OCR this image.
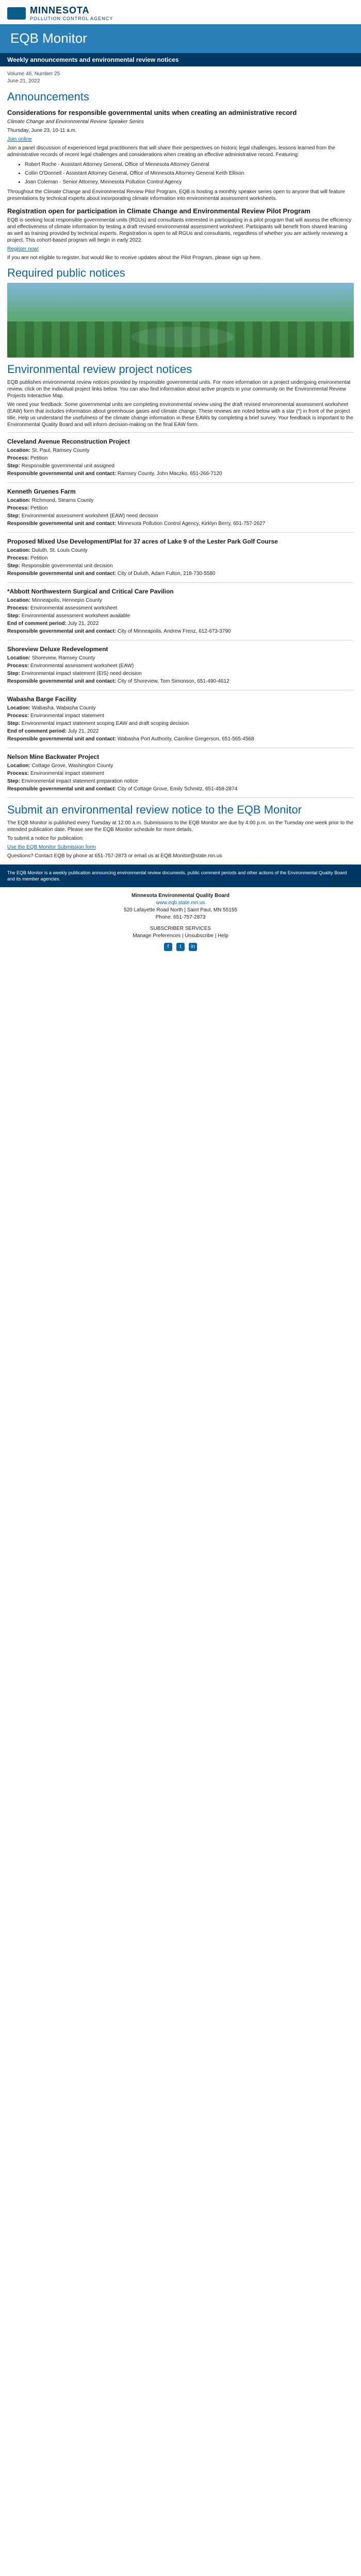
MINNESOTA
POLLUTION CONTROL AGENCY
EQB Monitor
Weekly announcements and environmental review notices
Volume 46, Number 25
June 21, 2022
Announcements
Considerations for responsible governmental units when creating an administrative record

Climate Change and Environmental Review Speaker Series

Thursday, June 23, 10-11 a.m.

Join online

Join a panel discussion of experienced legal practitioners that will share their perspectives on historic legal challenges, lessons learned from the administrative records of recent legal challenges and considerations when creating an effective administrative record. Featuring:

• Robert Roche - Assistant Attorney General, Office of Minnesota Attorney General
• Collin O'Donnell - Assistant Attorney General, Office of Minnesota Attorney General Keith Ellison
• Joan Coleman - Senior Attorney, Minnesota Pollution Control Agency

Throughout the Climate Change and Environmental Review Pilot Program, EQB is hosting a monthly speaker series open to anyone that will feature presentations by technical experts about incorporating climate information into environmental assessment worksheets.

Registration open for participation in Climate Change and Environmental Review Pilot Program

EQB is seeking local responsible governmental units (RGUs) and consultants interested in participating in a pilot program that will assess the efficiency and effectiveness of climate information by testing a draft revised environmental assessment worksheet. Participants will benefit from shared learning as well as training provided by technical experts. Registration is open to all RGUs and consultants, regardless of whether you are actively reviewing a project. This cohort-based program will begin in early 2022.

Register now!

If you are not eligible to register, but would like to receive updates about the Pilot Program, please sign up here.

Required public notices
Environmental review project notices

EQB publishes environmental review notices provided by responsible governmental units. For more information on a project undergoing environmental review, click on the individual project links below. You can also find information about active projects in your community on the Environmental Review Projects Interactive Map.

We need your feedback: Some governmental units are completing environmental review using the draft revised environmental assessment worksheet (EAW) form that includes information about greenhouse gases and climate change. These reviews are noted below with a star (*) in front of the project title. Help us understand the usefulness of the climate change information in these EAWs by completing a brief survey. Your feedback is important to the Environmental Quality Board and will inform decision-making on the final EAW form.

Cleveland Avenue Reconstruction Project

Location: St. Paul, Ramsey County

Process: Petition

Step: Responsible governmental unit assigned

Responsible governmental unit and contact: Ramsey County, John Maczko, 651-266-7120

Kenneth Gruenes Farm

Location: Richmond, Stearns County

Process: Petition

Step: Environmental assessment worksheet (EAW) need decision

Responsible governmental unit and contact: Minnesota Pollution Control Agency, Kirklyn Berry, 651-757-2627

Proposed Mixed Use Development/Plat for 37 acres of Lake 9 of the Lester Park Golf Course

Location: Duluth, St. Louis County

Process: Petition

Step: Responsible governmental unit decision

Responsible governmental unit and contact: City of Duluth, Adam Fulton, 218-730-5580

*Abbott Northwestern Surgical and Critical Care Pavilion

Location: Minneapolis, Hennepin County

Process: Environmental assessment worksheet

Step: Environmental assessment worksheet available

End of comment period: July 21, 2022

Responsible governmental unit and contact: City of Minneapolis, Andrew Frenz, 612-673-3790

Shoreview Deluxe Redevelopment

Location: Shoreview, Ramsey County

Process: Environmental assessment worksheet (EAW)

Step: Environmental impact statement (EIS) need decision

Responsible governmental unit and contact: City of Shoreview, Tom Simonson, 651-490-4612

Wabasha Barge Facility

Location: Wabasha, Wabasha County

Process: Environmental impact statement

Step: Environmental impact statement scoping EAW and draft scoping decision

End of comment period: July 21, 2022

Responsible governmental unit and contact: Wabasha Port Authority, Caroline Gregerson, 651-565-4568

Nelson Mine Backwater Project

Location: Cottage Grove, Washington County

Process: Environmental impact statement

Step: Environmental impact statement preparation notice

Responsible governmental unit and contact: City of Cottage Grove, Emily Schmitz, 651-458-2874

Submit an environmental review notice to the EQB Monitor

The EQB Monitor is published every Tuesday at 12:00 a.m. Submissions to the EQB Monitor are due by 4:00 p.m. on the Tuesday one week prior to the intended publication date. Please see the EQB Monitor schedule for more details.

To submit a notice for publication:

Use the EQB Monitor Submission form

Questions? Contact EQB by phone at 651-757-2873 or email us at EQB.Monitor@state.mn.us

The EQB Monitor is a weekly publication announcing environmental review documents, public comment periods and other actions of the Environmental Quality Board and its member agencies.
Minnesota Environmental Quality Board
www.eqb.state.mn.us
520 Lafayette Road North | Saint Paul, MN 55155
Phone: 651-757-2873
SUBSCRIBER SERVICES
Manage Preferences | Unsubscribe | Help
f	t	in
